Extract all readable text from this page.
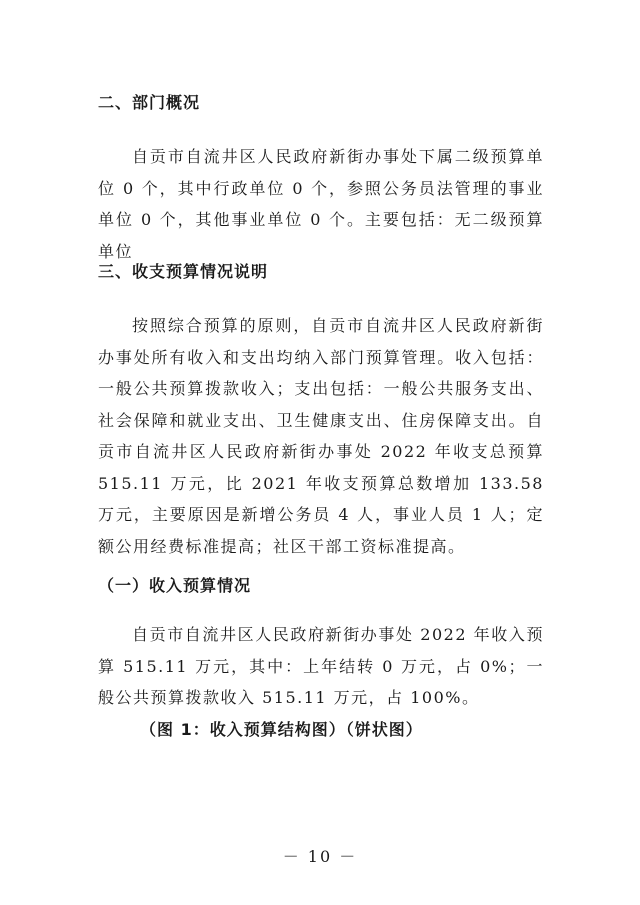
二、部门概况

自贡市自流井区人民政府新街办事处下属二级预算单位 0 个，其中行政单位 0 个，参照公务员法管理的事业单位 0 个，其他事业单位 0 个。主要包括：无二级预算单位

三、收支预算情况说明

按照综合预算的原则，自贡市自流井区人民政府新街办事处所有收入和支出均纳入部门预算管理。收入包括：一般公共预算拨款收入；支出包括：一般公共服务支出、社会保障和就业支出、卫生健康支出、住房保障支出。自贡市自流井区人民政府新街办事处 2022 年收支总预算 515.11 万元，比 2021 年收支预算总数增加 133.58 万元，主要原因是新增公务员 4 人，事业人员 1 人；定额公用经费标准提高；社区干部工资标准提高。

（一）收入预算情况

自贡市自流井区人民政府新街办事处 2022 年收入预算 515.11 万元，其中：上年结转 0 万元，占 0%；一般公共预算拨款收入 515.11 万元，占 100%。

（图 1：收入预算结构图）（饼状图）

－ 10 －
